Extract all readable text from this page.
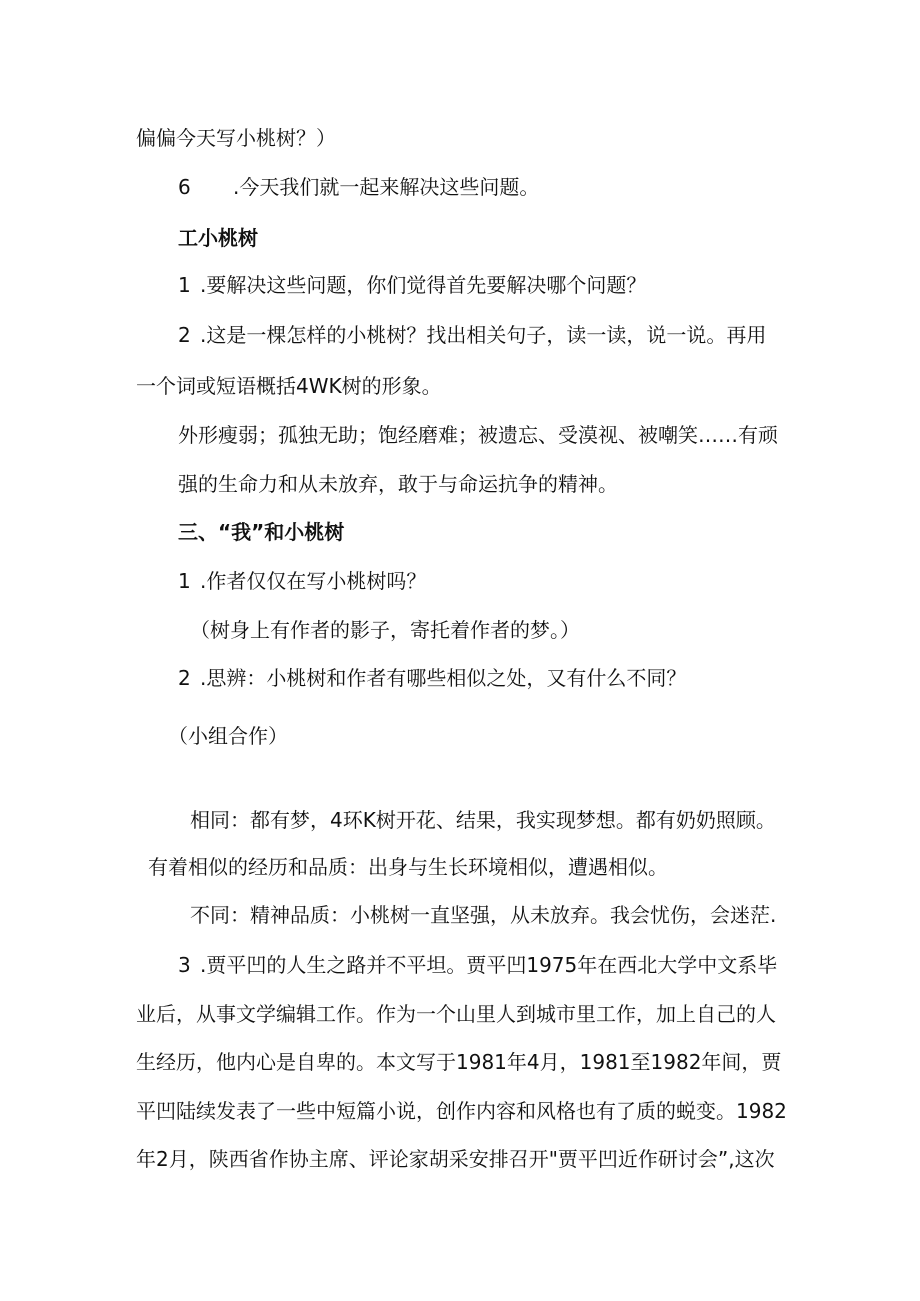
偏偏今天写小桃树？）
6 .今天我们就一起来解决这些问题。
工小桃树
1 .要解决这些问题，你们觉得首先要解决哪个问题？
2 .这是一棵怎样的小桃树？找出相关句子，读一读，说一说。再用
一个词或短语概括4WK树的形象。
外形瘦弱；孤独无助；饱经磨难；被遗忘、受漠视、被嘲笑……有顽
强的生命力和从未放弃，敢于与命运抗争的精神。
三、“我”和小桃树
1 .作者仅仅在写小桃树吗？
（树身上有作者的影子，寄托着作者的梦。）
2 .思辨：小桃树和作者有哪些相似之处，又有什么不同？
（小组合作）
相同：都有梦，4环K树开花、结果，我实现梦想。都有奶奶照顾。
有着相似的经历和品质：出身与生长环境相似，遭遇相似。
不同：精神品质：小桃树一直坚强，从未放弃。我会忧伤，会迷茫.
3 .贾平凹的人生之路并不平坦。贾平凹1975年在西北大学中文系毕
业后，从事文学编辑工作。作为一个山里人到城市里工作，加上自己的人
生经历，他内心是自卑的。本文写于1981年4月，1981至1982年间，贾
平凹陆续发表了一些中短篇小说，创作内容和风格也有了质的蜕变。1982
年2月，陕西省作协主席、评论家胡采安排召开"贾平凹近作研讨会”,这次
